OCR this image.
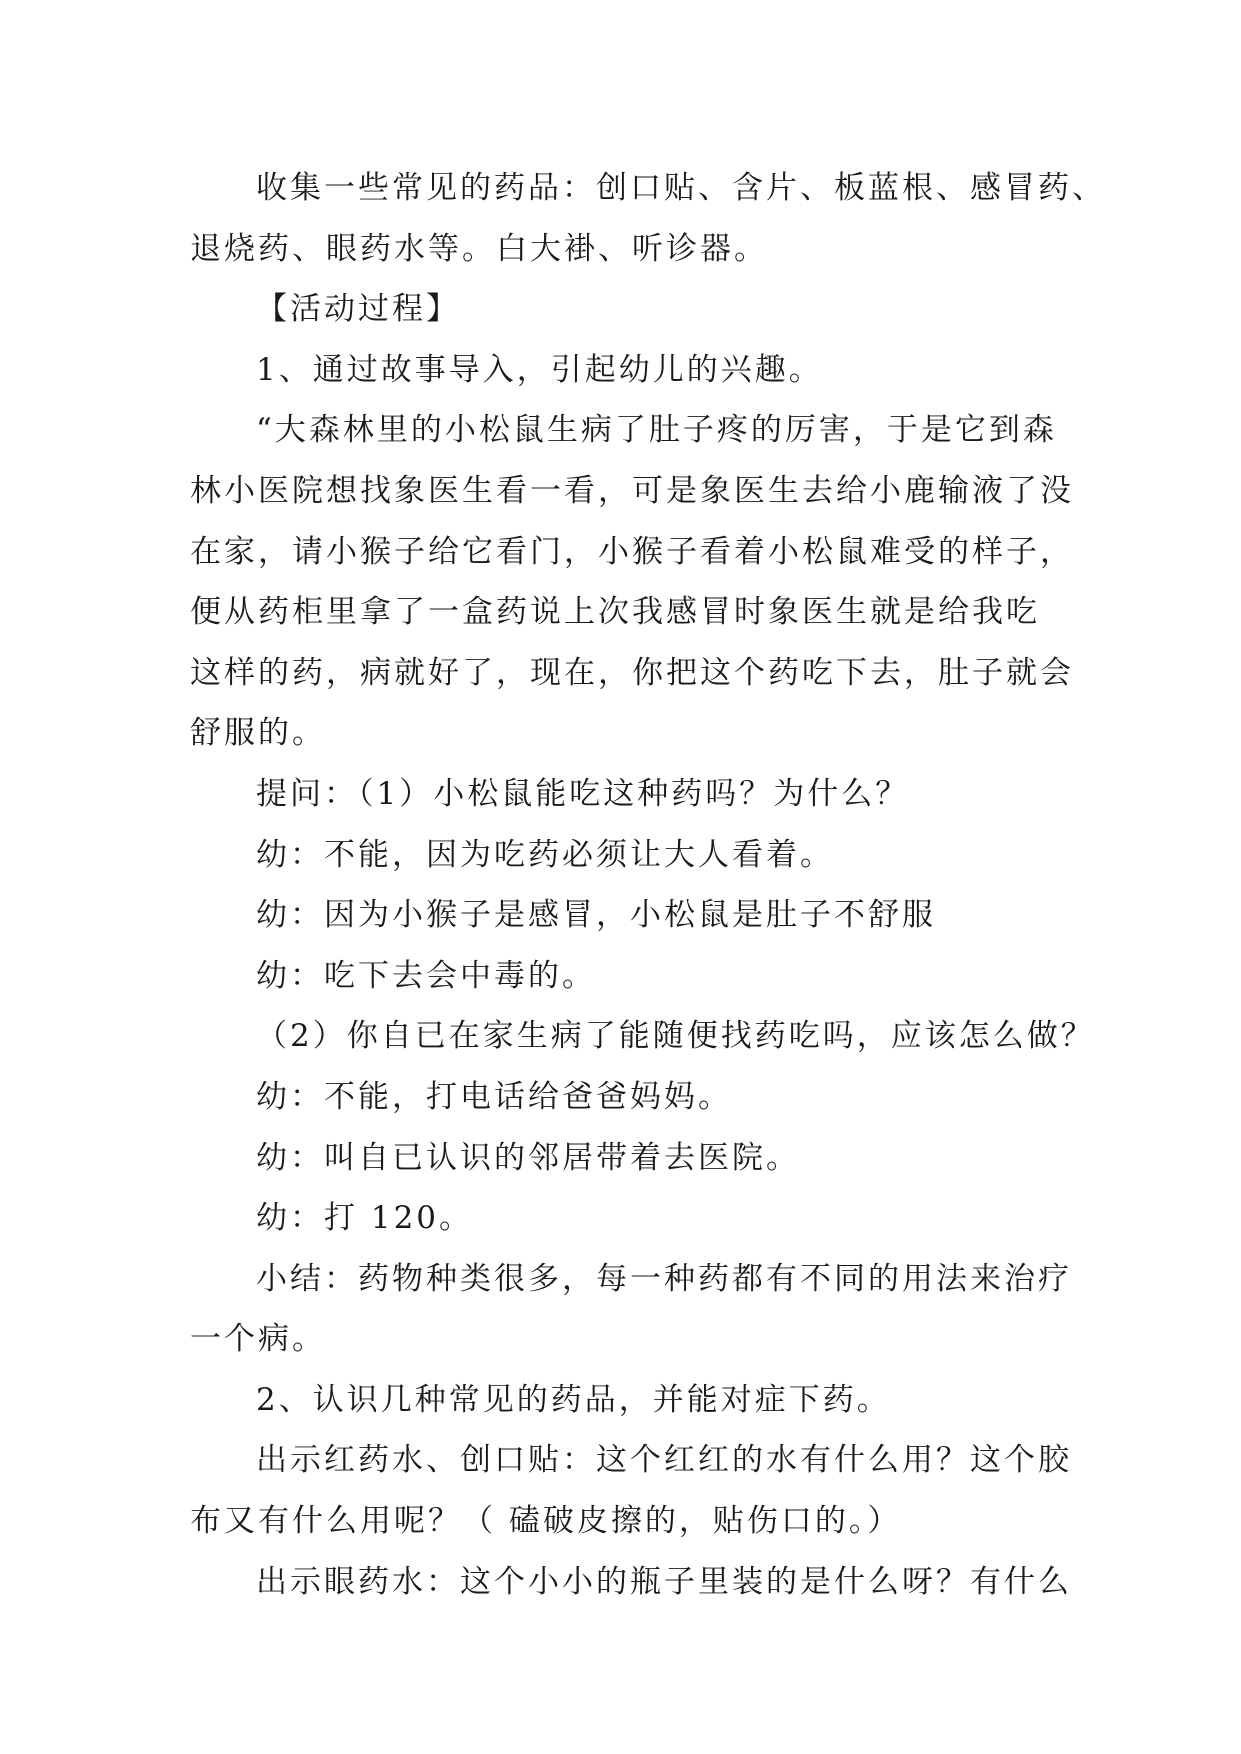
收集一些常见的药品：创口贴、含片、板蓝根、感冒药、
退烧药、眼药水等。白大褂、听诊器。
【活动过程】
1、通过故事导入，引起幼儿的兴趣。
“大森林里的小松鼠生病了肚子疼的厉害，于是它到森
林小医院想找象医生看一看，可是象医生去给小鹿输液了没
在家，请小猴子给它看门，小猴子看着小松鼠难受的样子，
便从药柜里拿了一盒药说上次我感冒时象医生就是给我吃
这样的药，病就好了，现在，你把这个药吃下去，肚子就会
舒服的。
提问：（1）小松鼠能吃这种药吗？为什么？
幼：不能，因为吃药必须让大人看着。
幼：因为小猴子是感冒，小松鼠是肚子不舒服
幼：吃下去会中毒的。
（2）你自已在家生病了能随便找药吃吗，应该怎么做？
幼：不能，打电话给爸爸妈妈。
幼：叫自已认识的邻居带着去医院。
幼：打 120。
小结：药物种类很多，每一种药都有不同的用法来治疗
一个病。
2、认识几种常见的药品，并能对症下药。
出示红药水、创口贴：这个红红的水有什么用？这个胶
布又有什么用呢？（ 磕破皮擦的，贴伤口的。）
出示眼药水：这个小小的瓶子里装的是什么呀？有什么
